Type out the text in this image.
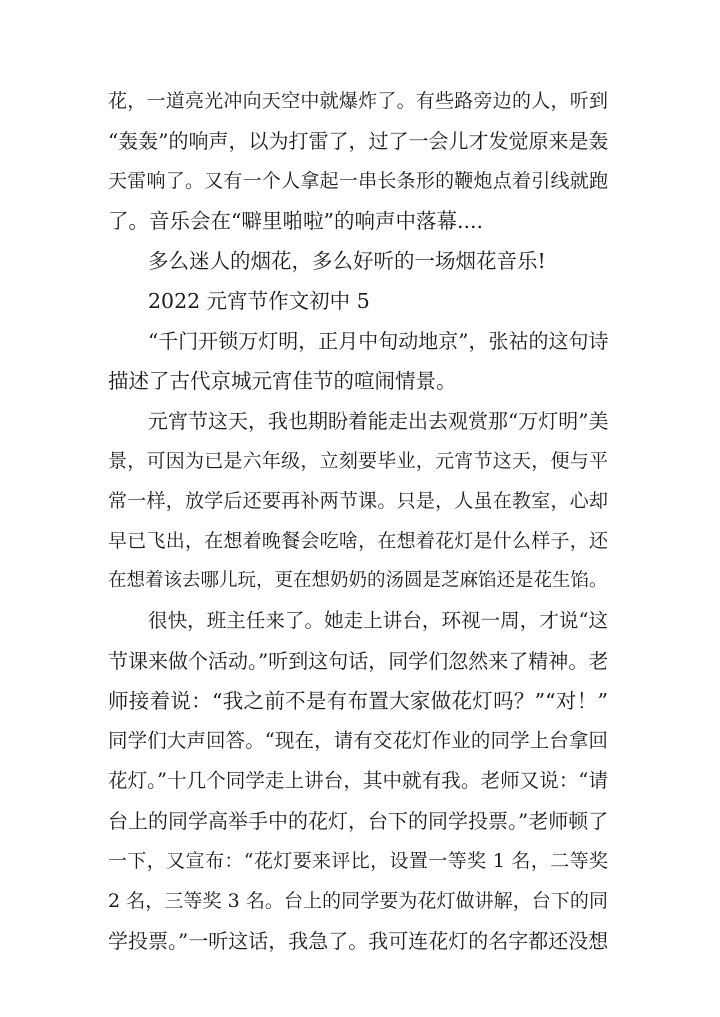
花，一道亮光冲向天空中就爆炸了。有些路旁边的人，听到
“轰轰”的响声，以为打雷了，过了一会儿才发觉原来是轰
天雷响了。又有一个人拿起一串长条形的鞭炮点着引线就跑
了。音乐会在“噼里啪啦”的响声中落幕....
多么迷人的烟花，多么好听的一场烟花音乐!
2022 元宵节作文初中 5
“千门开锁万灯明，正月中旬动地京”，张祜的这句诗
描述了古代京城元宵佳节的喧闹情景。
元宵节这天，我也期盼着能走出去观赏那“万灯明”美
景，可因为已是六年级，立刻要毕业，元宵节这天，便与平
常一样，放学后还要再补两节课。只是，人虽在教室，心却
早已飞出，在想着晚餐会吃啥，在想着花灯是什么样子，还
在想着该去哪儿玩，更在想奶奶的汤圆是芝麻馅还是花生馅。
很快，班主任来了。她走上讲台，环视一周，才说“这
节课来做个活动。”听到这句话，同学们忽然来了精神。老
师接着说：“我之前不是有布置大家做花灯吗？”“对！”
同学们大声回答。“现在，请有交花灯作业的同学上台拿回
花灯。”十几个同学走上讲台，其中就有我。老师又说：“请
台上的同学高举手中的花灯，台下的同学投票。”老师顿了
一下，又宣布：“花灯要来评比，设置一等奖 1 名，二等奖
2 名，三等奖 3 名。台上的同学要为花灯做讲解，台下的同
学投票。”一听这话，我急了。我可连花灯的名字都还没想
